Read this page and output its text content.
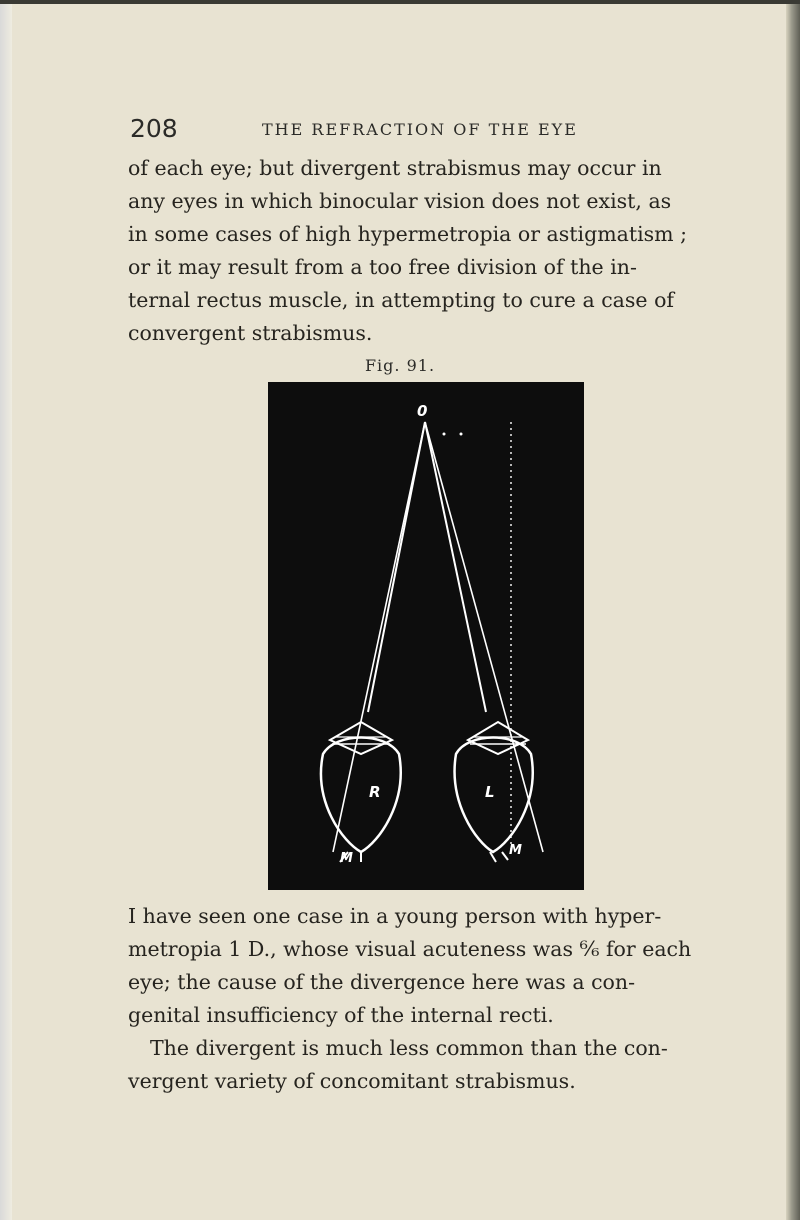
208	THE REFRACTION OF THE EYE
of each eye; but divergent strabismus may occur in
any eyes in which binocular vision does not exist, as
in some cases of high hypermetropia or astigmatism ;
or it may result from a too free division of the in-
ternal rectus muscle, in attempting to cure a case of
convergent strabismus.
Fig. 91.
0
R
M
L
M
I have seen one case in a young person with hyper-
metropia 1 D., whose visual acuteness was ⁶⁄₆ for each
eye; the cause of the divergence here was a con-
genital insufficiency of the internal recti.
The divergent is much less common than the con-
vergent variety of concomitant strabismus.
